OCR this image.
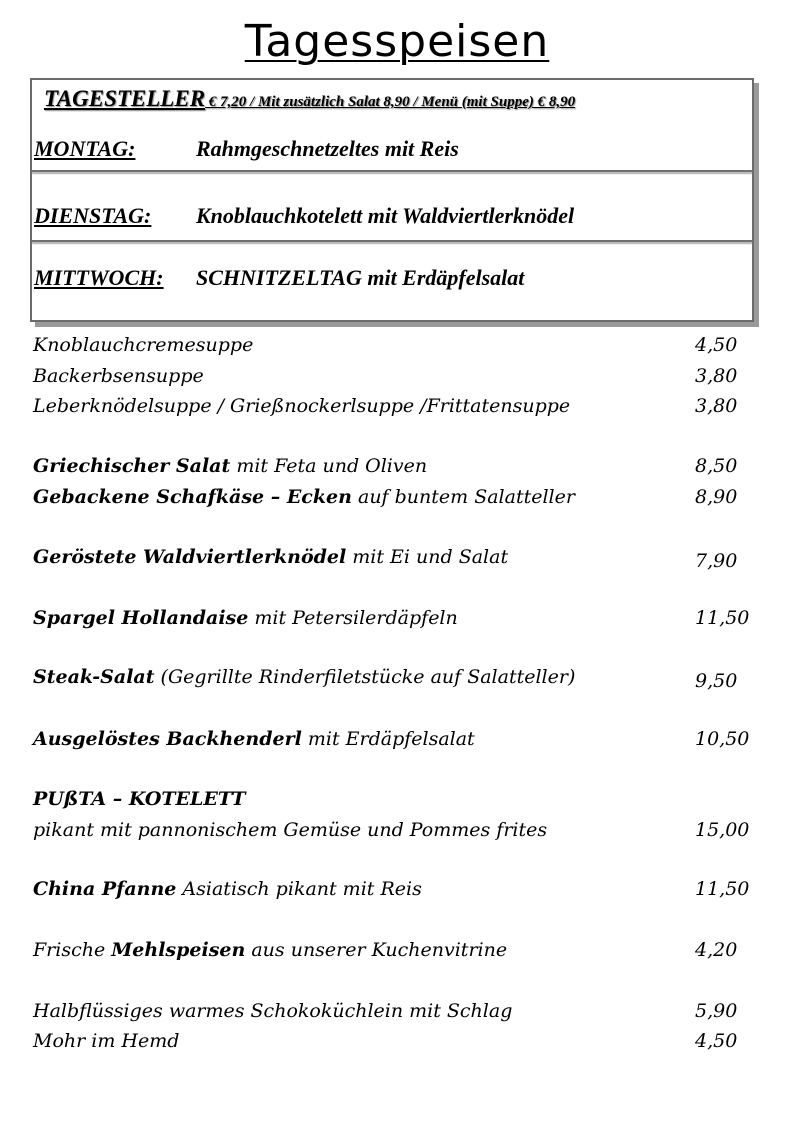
Tagesspeisen
TAGESTELLER € 7,20 / Mit zusätzlich Salat 8,90 / Menü (mit Suppe) € 8,90
MONTAG:	Rahmgeschnetzeltes mit Reis
DIENSTAG: Knoblauchkotelett mit Waldviertlerknödel
MITTWOCH: SCHNITZELTAG mit Erdäpfelsalat
Knoblauchcremesuppe	4,50
Backerbsensuppe	3,80
Leberknödelsuppe / Grießnockerlsuppe /Frittatensuppe	3,80
Griechischer Salat mit Feta und Oliven	8,50
Gebackene Schafkäse – Ecken auf buntem Salatteller	8,90
Geröstete Waldviertlerknödel mit Ei und Salat	7,90
Spargel Hollandaise mit Petersilerdäpfeln	11,50
Steak-Salat (Gegrillte Rinderfiletstücke auf Salatteller)	9,50
Ausgelöstes Backhenderl mit Erdäpfelsalat	10,50
PUßTA – KOTELETT
pikant mit pannonischem Gemüse und Pommes frites	15,00
China Pfanne Asiatisch pikant mit Reis	11,50
Frische Mehlspeisen aus unserer Kuchenvitrine	4,20
Halbflüssiges warmes Schokoküchlein mit Schlag	5,90
Mohr im Hemd	4,50
